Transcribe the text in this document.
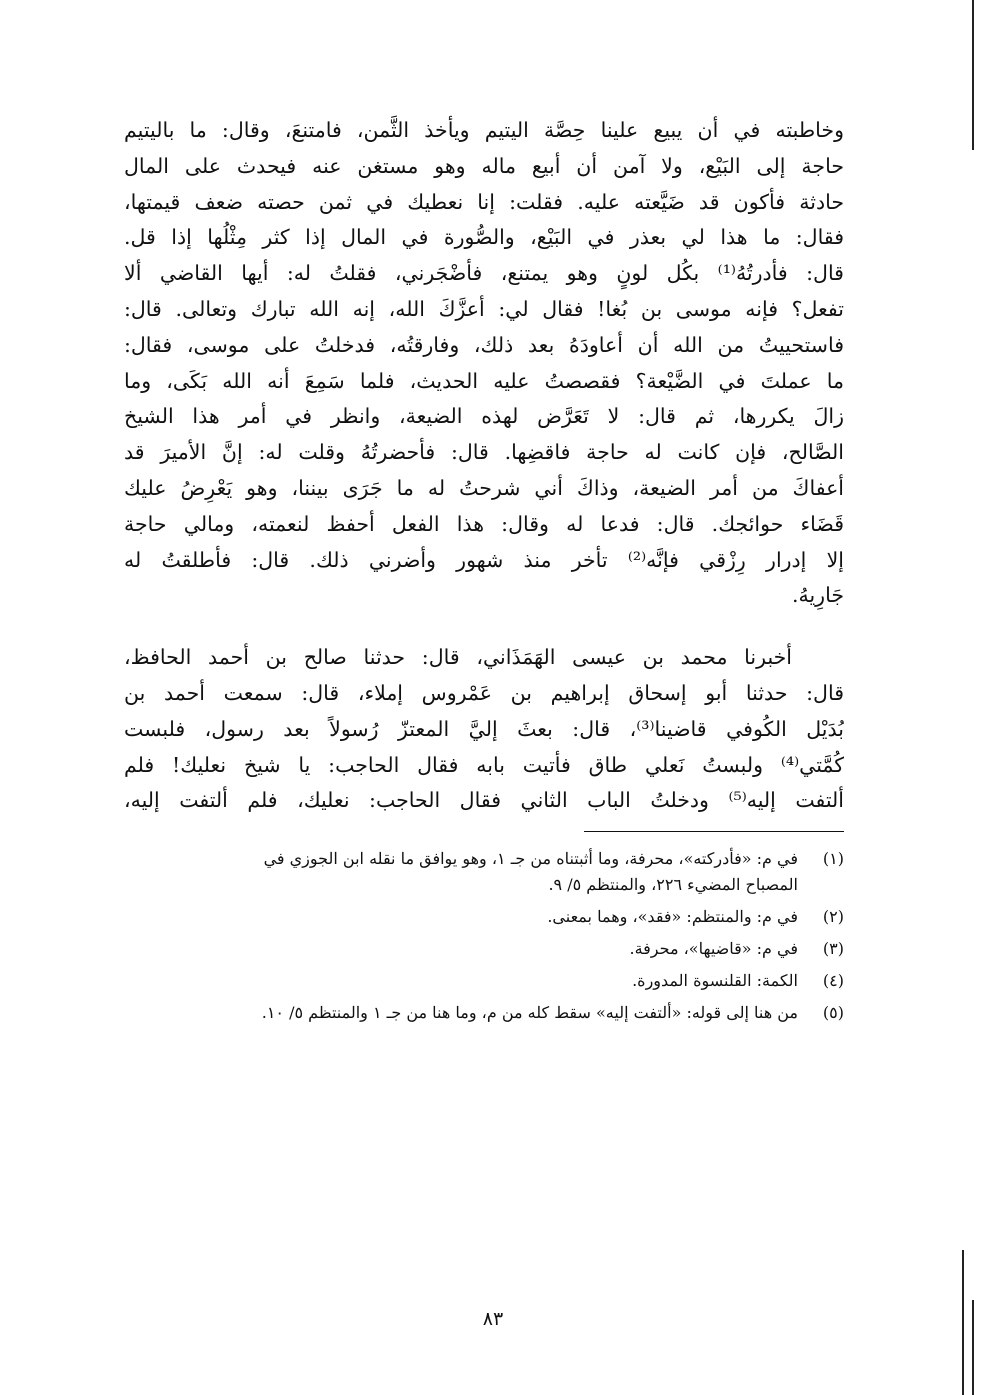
وخاطبته في أن يبيع علينا حِصَّة اليتيم ويأخذ الثَّمن، فامتنعَ، وقال: ما باليتيم
حاجة إلى البَيْع، ولا آمن أن أبيع ماله وهو مستغن عنه فيحدث على المال
حادثة فأكون قد ضَيَّعته عليه. فقلت: إنا نعطيك في ثمن حصته ضعف قيمتها،
فقال: ما هذا لي بعذر في البَيْع، والصُّورة في المال إذا كثر مِثْلُها إذا قل.
قال: فأدرتُهُ⁽¹⁾ بكُل لونٍ وهو يمتنع، فأضْجَرني، فقلتُ له: أيها القاضي ألا
تفعل؟ فإنه موسى بن بُغا! فقال لي: أعزَّكَ الله، إنه الله تبارك وتعالى. قال:
فاستحييتُ من الله أن أعاودَهُ بعد ذلك، وفارقتُه، فدخلتُ على موسى، فقال:
ما عملتَ في الضَّيْعة؟ فقصصتُ عليه الحديث، فلما سَمِعَ أنه الله بَكَى، وما
زالَ يكررها، ثم قال: لا تَعَرَّض لهذه الضيعة، وانظر في أمر هذا الشيخ
الصَّالح، فإن كانت له حاجة فاقضِها. قال: فأحضرتُهُ وقلت له: إنَّ الأميرَ قد
أعفاكَ من أمر الضيعة، وذاكَ أني شرحتُ له ما جَرَى بيننا، وهو يَعْرِضُ عليك
قَضَاء حوائجك. قال: فدعا له وقال: هذا الفعل أحفظ لنعمته، ومالي حاجة
إلا إدرار رِزْقي فإنَّه⁽²⁾ تأخر منذ شهور وأضرني ذلك. قال: فأطلقتُ له
جَارِيهُ.
أخبرنا محمد بن عيسى الهَمَذَاني، قال: حدثنا صالح بن أحمد الحافظ،
قال: حدثنا أبو إسحاق إبراهيم بن عَمْروس إملاء، قال: سمعت أحمد بن
بُدَيْل الكُوفي قاضينا⁽³⁾، قال: بعثَ إليَّ المعتزّ رُسولاً بعد رسول، فلبست
كُمَّتي⁽⁴⁾ ولبستُ نَعلي طاق فأتيت بابه فقال الحاجب: يا شيخ نعليك! فلم
ألتفت إليه⁽⁵⁾ ودخلتُ الباب الثاني فقال الحاجب: نعليك، فلم ألتفت إليه،
(١)
في م: «فأدركته»، محرفة، وما أثبتناه من جـ ١، وهو يوافق ما نقله ابن الجوزي في
المصباح المضيء ٢٢٦، والمنتظم ٥/ ٩.
(٢)
في م: والمنتظم: «فقد»، وهما بمعنى.
(٣)
في م: «قاضيها»، محرفة.
(٤)
الكمة: القلنسوة المدورة.
(٥)
من هنا إلى قوله: «ألتفت إليه» سقط كله من م، وما هنا من جـ ١ والمنتظم ٥/ ١٠.
٨٣
